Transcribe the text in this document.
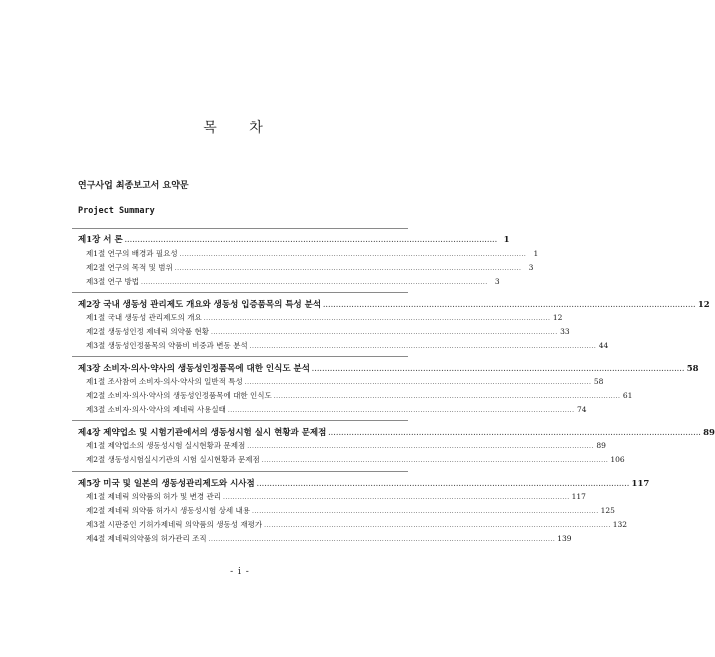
목 차
연구사업 최종보고서 요약문
Project Summary
제1장 서 론 ................................................................................................................................................ 1
제1절 연구의 배경과 필요성 ................................................................................................................................................ 1
제2절 연구의 목적 및 범위 ................................................................................................................................................ 3
제3절 연구 방법 ................................................................................................................................................ 3
제2장 국내 생동성 관리제도 개요와 생동성 입증품목의 특성 분석 ................................................................................................................................................ 12
제1절 국내 생동성 관리제도의 개요 ................................................................................................................................................ 12
제2절 생동성인정 제네릭 의약품 현황 ................................................................................................................................................ 33
제3절 생동성인정품목의 약품비 비중과 변동 분석 ................................................................................................................................................ 44
제3장 소비자·의사·약사의 생동성인정품목에 대한 인식도 분석 ................................................................................................................................................ 58
제1절 조사참여 소비자·의사·약사의 일반적 특성 ................................................................................................................................................ 58
제2절 소비자·의사·약사의 생동성인정품목에 대한 인식도 ................................................................................................................................................ 61
제3절 소비자·의사·약사의 제네릭 사용실태 ................................................................................................................................................ 74
제4장 제약업소 및 시험기관에서의 생동성시험 실시 현황과 문제점 ................................................................................................................................................ 89
제1절 제약업소의 생동성시험 실시현황과 문제점 ................................................................................................................................................ 89
제2절 생동성시험실시기관의 시험 실시현황과 문제점 ................................................................................................................................................ 106
제5장 미국 및 일본의 생동성관리제도와 시사점 ................................................................................................................................................ 117
제1절 제네릭 의약품의 허가 및 변경 관리 ................................................................................................................................................ 117
제2절 제네릭 의약품 허가시 생동성시험 상세 내용 ................................................................................................................................................ 125
제3절 시판중인 기허가제네릭 의약품의 생동성 재평가 ................................................................................................................................................ 132
제4절 제네릭의약품의 허가관리 조직 ................................................................................................................................................ 139
- i -
